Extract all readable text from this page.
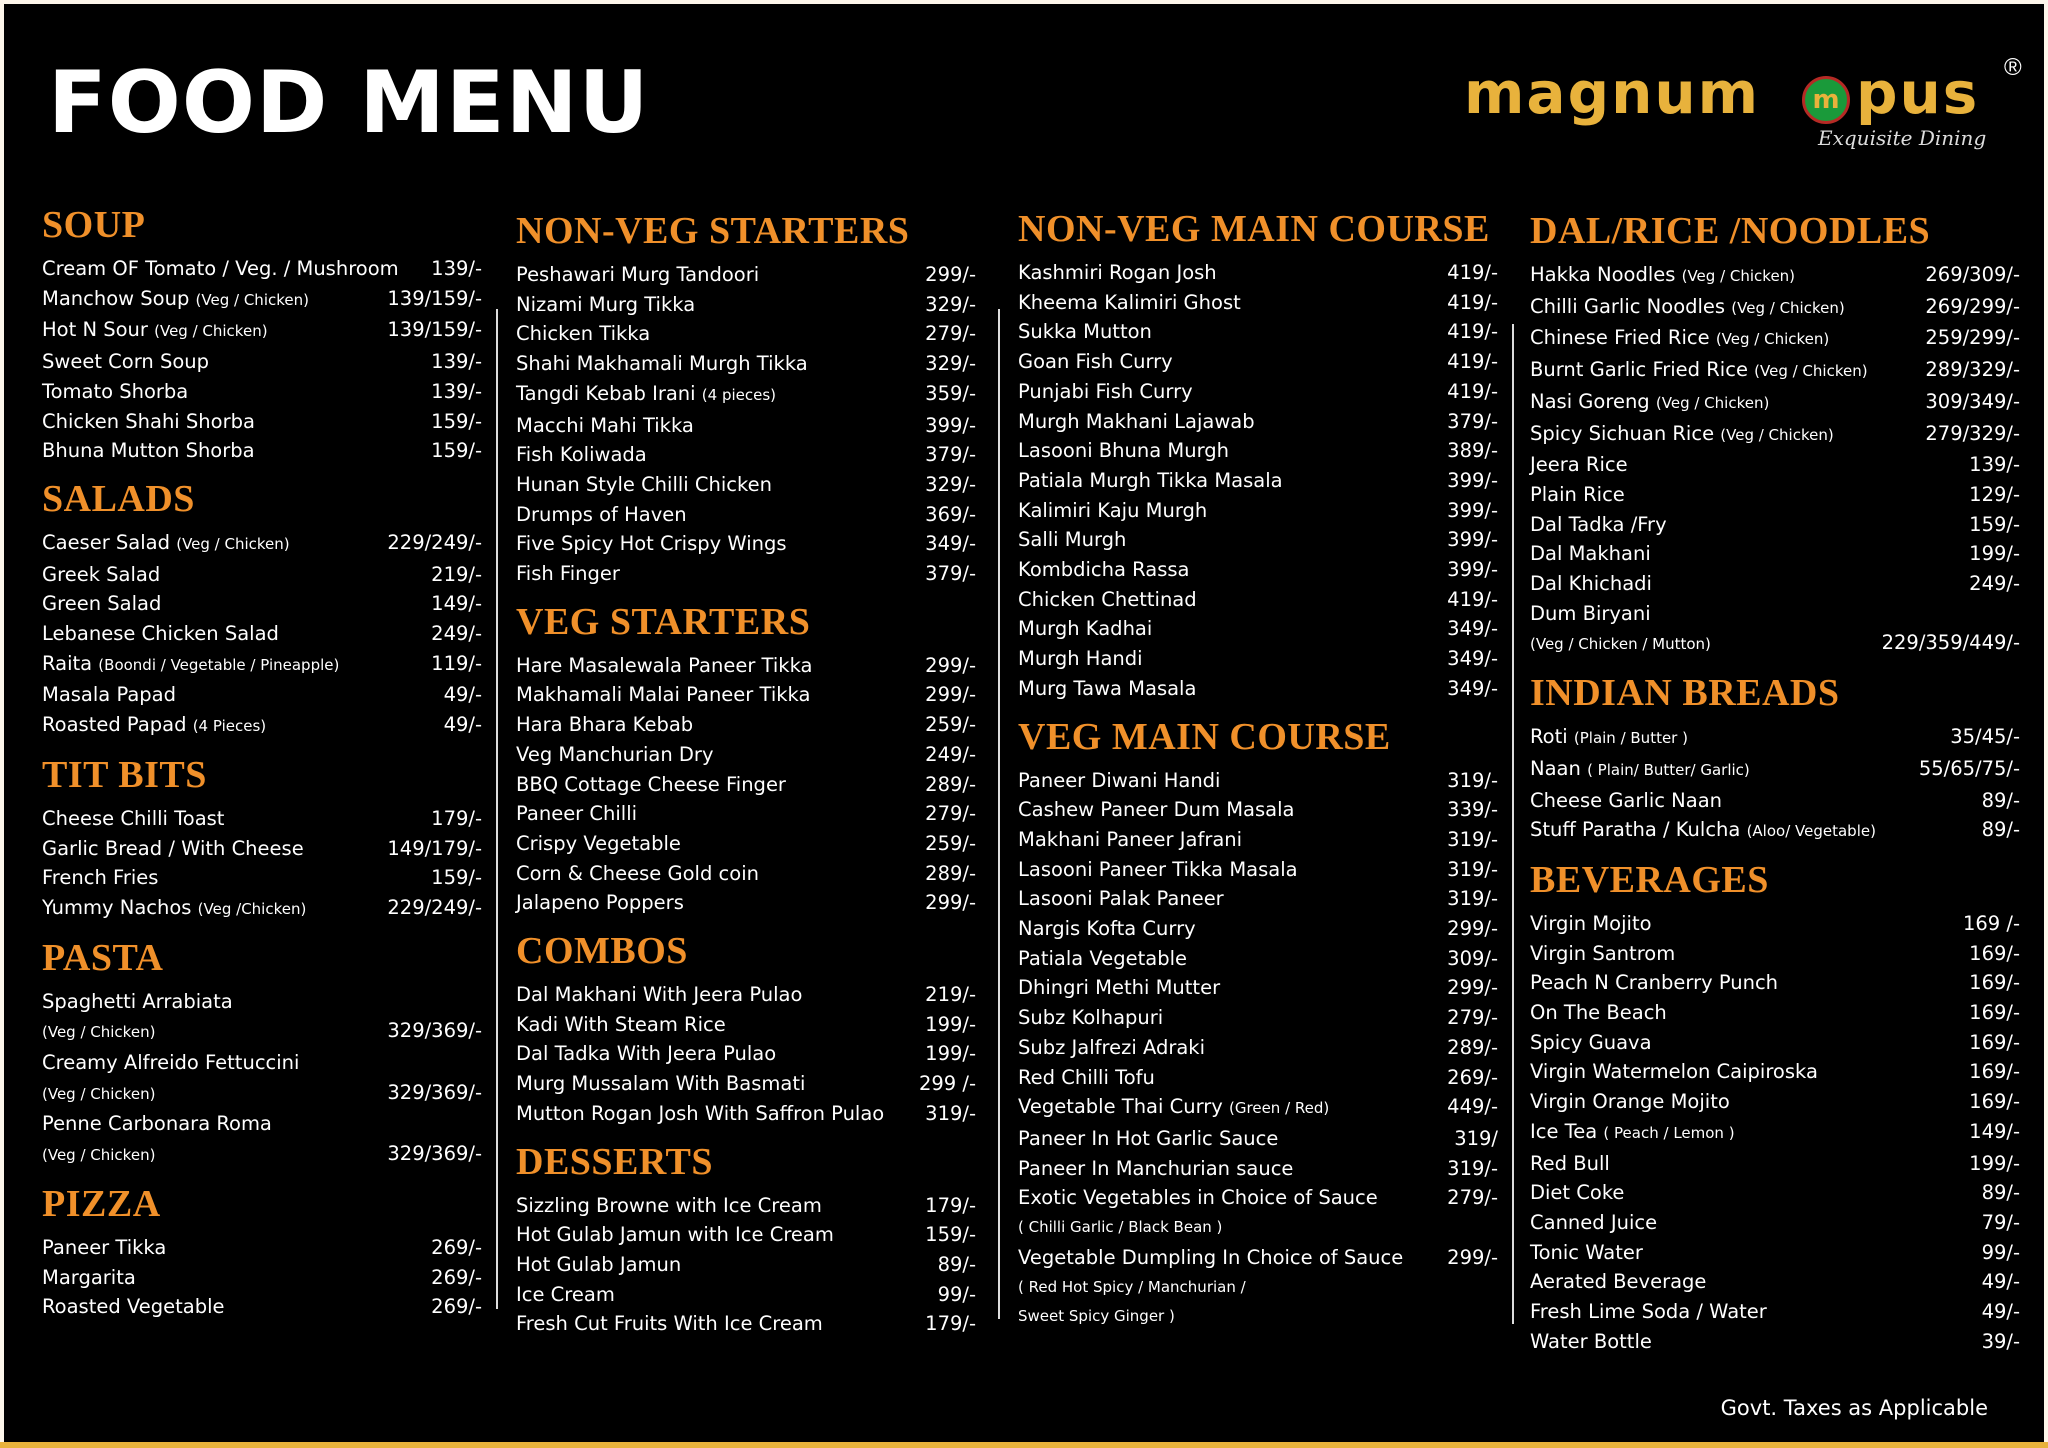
FOOD MENU	magnum	m pus ®
Exquisite Dining
SOUP
Cream OF Tomato / Veg. / Mushroom 139/-
Manchow Soup (Veg / Chicken)	139/159/-
Hot N Sour (Veg / Chicken)	139/159/-
Sweet Corn Soup	139/-
Tomato Shorba	139/-
Chicken Shahi Shorba	159/-
Bhuna Mutton Shorba	159/-
SALADS
Caeser Salad (Veg / Chicken)	229/249/-
Greek Salad	219/-
Green Salad	149/-
Lebanese Chicken Salad	249/-
Raita (Boondi / Vegetable / Pineapple)	119/-
Masala Papad	49/-
Roasted Papad (4 Pieces)	49/-
TIT BITS
Cheese Chilli Toast	179/-
Garlic Bread / With Cheese	149/179/-
French Fries	159/-
Yummy Nachos (Veg /Chicken)	229/249/-
PASTA
Spaghetti Arrabiata
(Veg / Chicken)	329/369/-
Creamy Alfreido Fettuccini
(Veg / Chicken)	329/369/-
Penne Carbonara Roma
(Veg / Chicken)	329/369/-
PIZZA
Paneer Tikka	269/-
Margarita	269/-
Roasted Vegetable	269/-
NON-VEG STARTERS
Peshawari Murg Tandoori	299/-
Nizami Murg Tikka	329/-
Chicken Tikka	279/-
Shahi Makhamali Murgh Tikka	329/-
Tangdi Kebab Irani (4 pieces)	359/-
Macchi Mahi Tikka	399/-
Fish Koliwada	379/-
Hunan Style Chilli Chicken	329/-
Drumps of Haven	369/-
Five Spicy Hot Crispy Wings	349/-
Fish Finger	379/-
VEG STARTERS
Hare Masalewala Paneer Tikka	299/-
Makhamali Malai Paneer Tikka	299/-
Hara Bhara Kebab	259/-
Veg Manchurian Dry	249/-
BBQ Cottage Cheese Finger	289/-
Paneer Chilli	279/-
Crispy Vegetable	259/-
Corn & Cheese Gold coin	289/-
Jalapeno Poppers	299/-
COMBOS
Dal Makhani With Jeera Pulao	219/-
Kadi With Steam Rice	199/-
Dal Tadka With Jeera Pulao	199/-
Murg Mussalam With Basmati	299 /-
Mutton Rogan Josh With Saffron Pulao 319/-
DESSERTS
Sizzling Browne with Ice Cream	179/-
Hot Gulab Jamun with Ice Cream	159/-
Hot Gulab Jamun	89/-
Ice Cream	99/-
Fresh Cut Fruits With Ice Cream	179/-
NON-VEG MAIN COURSE
Kashmiri Rogan Josh	419/-
Kheema Kalimiri Ghost	419/-
Sukka Mutton	419/-
Goan Fish Curry	419/-
Punjabi Fish Curry	419/-
Murgh Makhani Lajawab	379/-
Lasooni Bhuna Murgh	389/-
Patiala Murgh Tikka Masala	399/-
Kalimiri Kaju Murgh	399/-
Salli Murgh	399/-
Kombdicha Rassa	399/-
Chicken Chettinad	419/-
Murgh Kadhai	349/-
Murgh Handi	349/-
Murg Tawa Masala	349/-
VEG MAIN COURSE
Paneer Diwani Handi	319/-
Cashew Paneer Dum Masala	339/-
Makhani Paneer Jafrani	319/-
Lasooni Paneer Tikka Masala	319/-
Lasooni Palak Paneer	319/-
Nargis Kofta Curry	299/-
Patiala Vegetable	309/-
Dhingri Methi Mutter	299/-
Subz Kolhapuri	279/-
Subz Jalfrezi Adraki	289/-
Red Chilli Tofu	269/-
Vegetable Thai Curry (Green / Red)	449/-
Paneer In Hot Garlic Sauce	319/
Paneer In Manchurian sauce	319/-
Exotic Vegetables in Choice of Sauce	279/-
( Chilli Garlic / Black Bean )
Vegetable Dumpling In Choice of Sauce 299/-
( Red Hot Spicy / Manchurian /
Sweet Spicy Ginger )
DAL/RICE /NOODLES
Hakka Noodles (Veg / Chicken)	269/309/-
Chilli Garlic Noodles (Veg / Chicken)	269/299/-
Chinese Fried Rice (Veg / Chicken)	259/299/-
Burnt Garlic Fried Rice (Veg / Chicken)	289/329/-
Nasi Goreng (Veg / Chicken)	309/349/-
Spicy Sichuan Rice (Veg / Chicken)	279/329/-
Jeera Rice	139/-
Plain Rice	129/-
Dal Tadka /Fry	159/-
Dal Makhani	199/-
Dal Khichadi	249/-
Dum Biryani
(Veg / Chicken / Mutton)	229/359/449/-
INDIAN BREADS
Roti (Plain / Butter )	35/45/-
Naan ( Plain/ Butter/ Garlic)	55/65/75/-
Cheese Garlic Naan	89/-
Stuff Paratha / Kulcha (Aloo/ Vegetable)	89/-
BEVERAGES
Virgin Mojito	169 /-
Virgin Santrom	169/-
Peach N Cranberry Punch	169/-
On The Beach	169/-
Spicy Guava	169/-
Virgin Watermelon Caipiroska	169/-
Virgin Orange Mojito	169/-
Ice Tea ( Peach / Lemon )	149/-
Red Bull	199/-
Diet Coke	89/-
Canned Juice	79/-
Tonic Water	99/-
Aerated Beverage	49/-
Fresh Lime Soda / Water	49/-
Water Bottle	39/-
Govt. Taxes as Applicable
